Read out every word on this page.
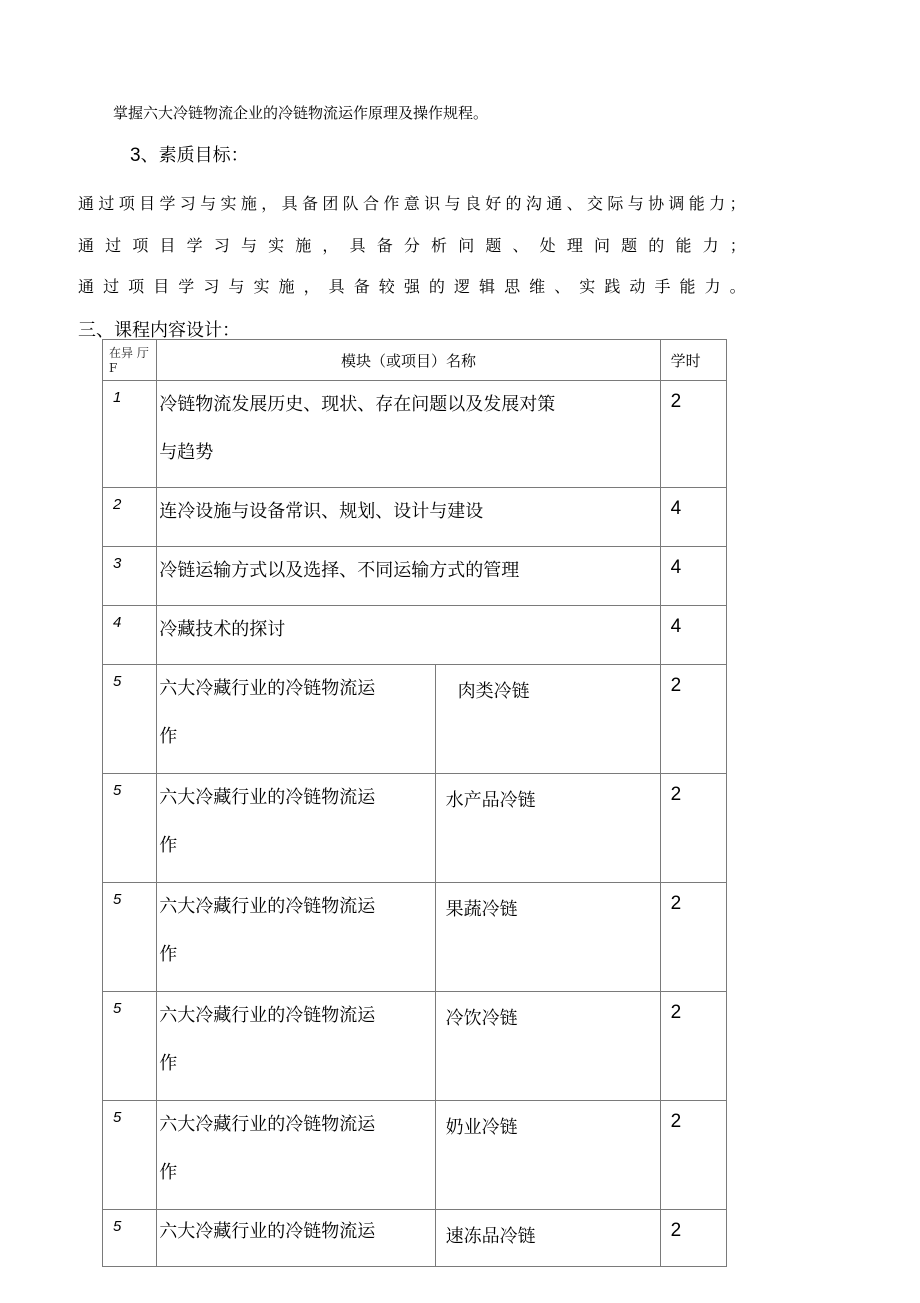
掌握六大冷链物流企业的冷链物流运作原理及操作规程。
3、素质目标：
通 过 项 目 学 习 与 实 施 ， 具 备 团 队 合 作 意 识 与 良 好 的 沟 通 、 交 际 与 协 调 能 力 ；
通 过 项 目 学 习 与 实 施 ， 具 备 分 析 问 题 、 处 理 问 题 的 能 力 ；
通 过 项 目 学 习 与 实 施 ， 具 备 较 强 的 逻 辑 思 维 、 实 践 动 手 能 力 。
三、课程内容设计：
在异 厅 F	模块（或项目）名称		学时
1	冷链物流发展历史、现状、存在问题以及发展对策
与趋势		2
2	连冷设施与设备常识、规划、设计与建设		4
3	冷链运输方式以及选择、不同运输方式的管理		4
4	冷藏技术的探讨		4
5	六大冷藏行业的冷链物流运
作	肉类冷链	2
5	六大冷藏行业的冷链物流运
作	水产品冷链	2
5	六大冷藏行业的冷链物流运
作	果蔬冷链	2
5	六大冷藏行业的冷链物流运
作	冷饮冷链	2
5	六大冷藏行业的冷链物流运
作	奶业冷链	2
5	六大冷藏行业的冷链物流运	速冻品冷链	2
